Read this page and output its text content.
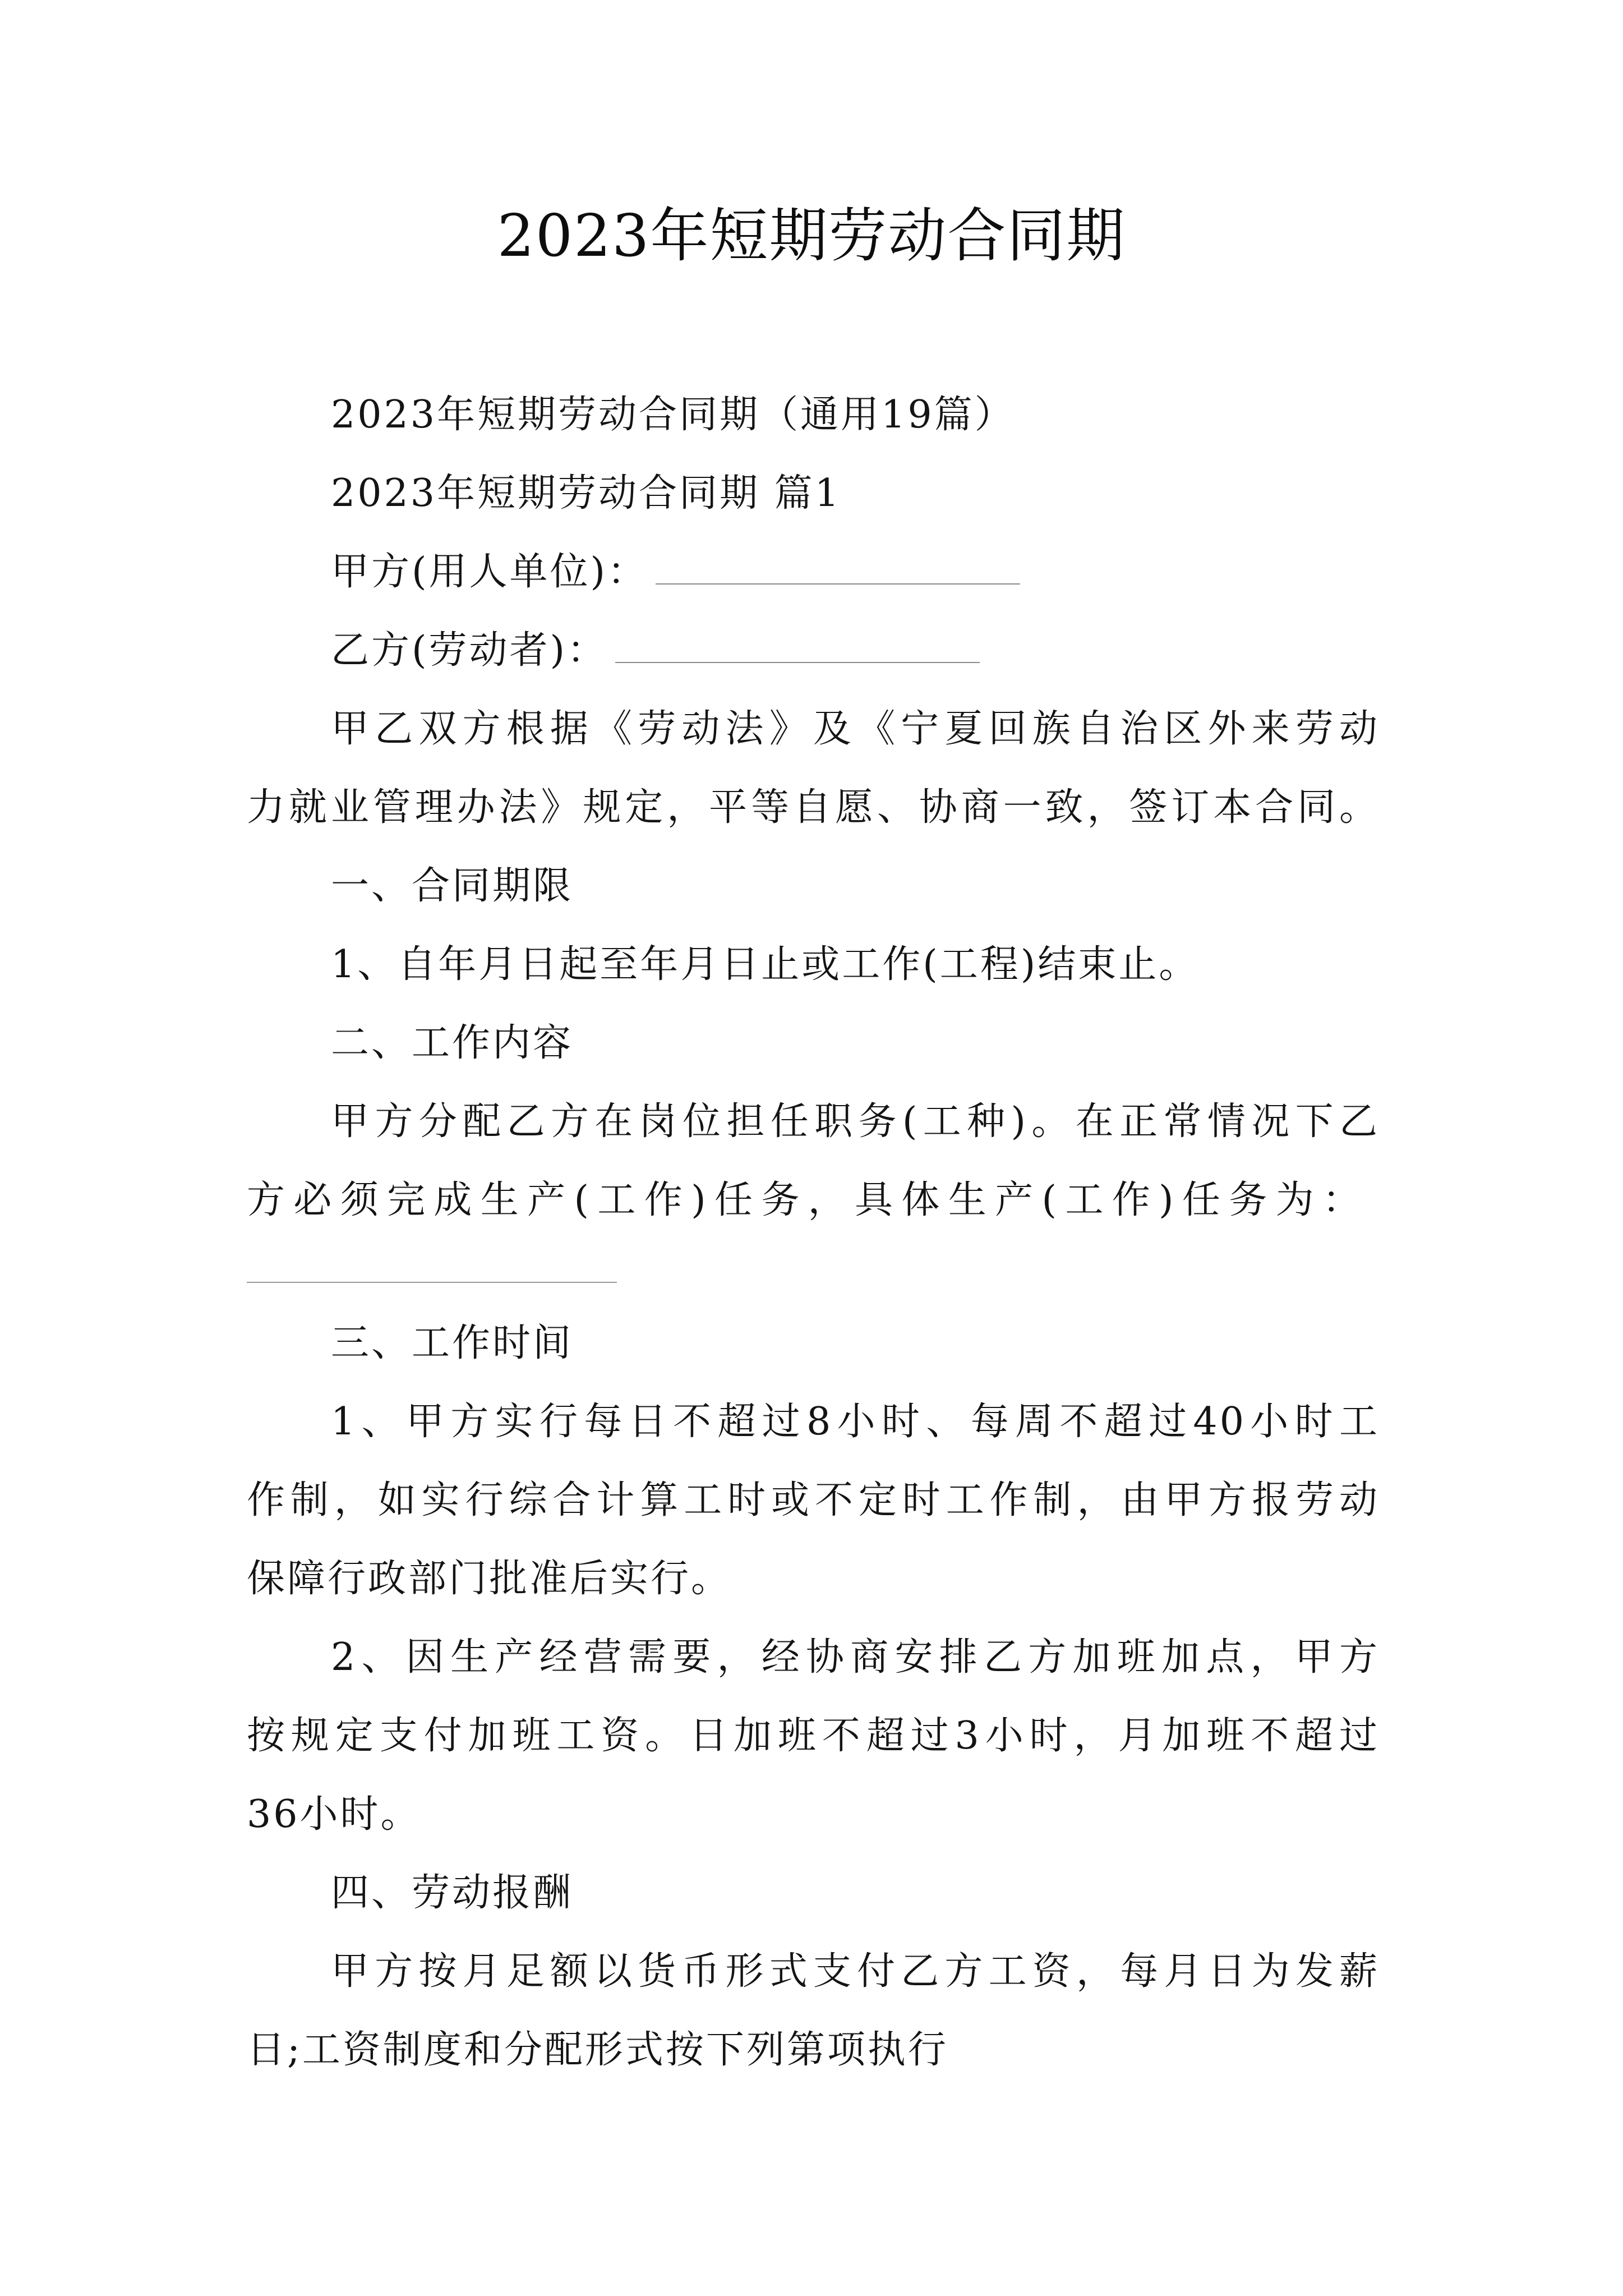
2023年短期劳动合同期
2023年短期劳动合同期（通用19篇）
2023年短期劳动合同期 篇1
甲方(用人单位)：
乙方(劳动者)：
甲乙双方根据《劳动法》及《宁夏回族自治区外来劳动
力就业管理办法》规定，平等自愿、协商一致，签订本合同。
一、合同期限
1、自年月日起至年月日止或工作(工程)结束止。
二、工作内容
甲方分配乙方在岗位担任职务(工种)。在正常情况下乙
方必须完成生产(工作)任务，具体生产(工作)任务为：
三、工作时间
1、甲方实行每日不超过8小时、每周不超过40小时工
作制，如实行综合计算工时或不定时工作制，由甲方报劳动
保障行政部门批准后实行。
2、因生产经营需要，经协商安排乙方加班加点，甲方
按规定支付加班工资。日加班不超过3小时，月加班不超过
36小时。
四、劳动报酬
甲方按月足额以货币形式支付乙方工资，每月日为发薪
日;工资制度和分配形式按下列第项执行
